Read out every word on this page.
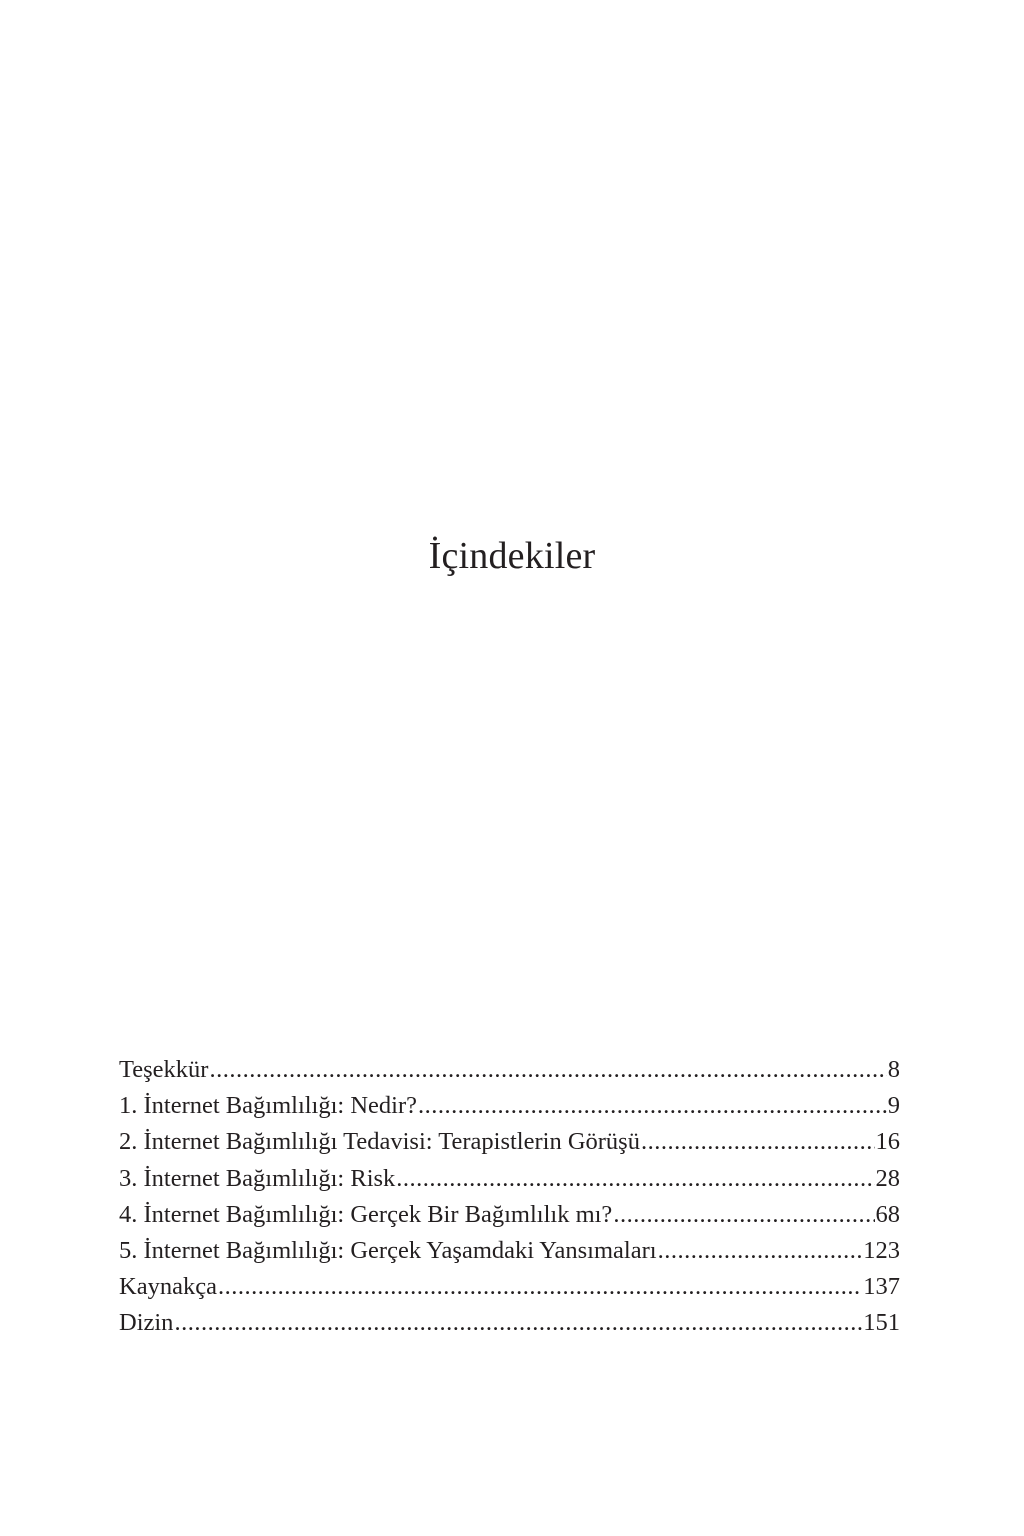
İçindekiler
Teşekkür .....	8
1. İnternet Bağımlılığı: Nedir? .....	9
2. İnternet Bağımlılığı Tedavisi: Terapistlerin Görüşü .....	16
3. İnternet Bağımlılığı: Risk .....	28
4. İnternet Bağımlılığı: Gerçek Bir Bağımlılık mı? .....	68
5. İnternet Bağımlılığı: Gerçek Yaşamdaki Yansımaları .....	123
Kaynakça .....	137
Dizin .....	151
